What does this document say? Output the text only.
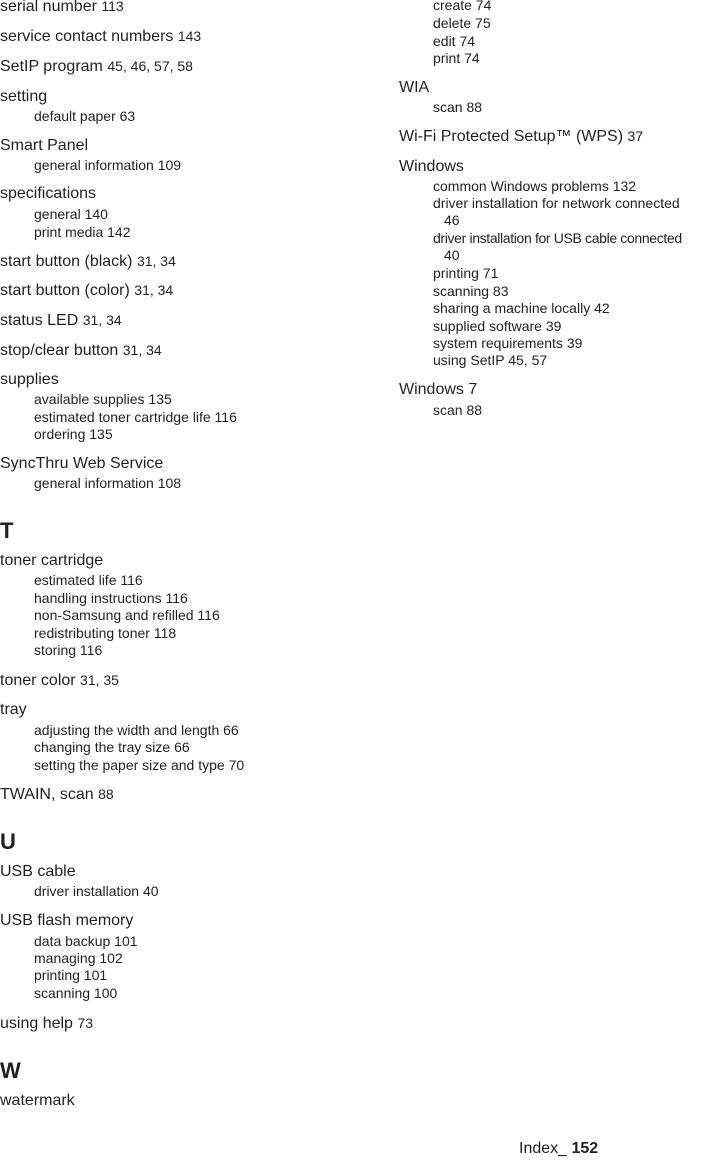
serial number 113
service contact numbers 143
SetIP program 45, 46, 57, 58
setting
default paper 63
Smart Panel
general information 109
specifications
general 140
print media 142
start button (black) 31, 34
start button (color) 31, 34
status LED 31, 34
stop/clear button 31, 34
supplies
available supplies 135
estimated toner cartridge life 116
ordering 135
SyncThru Web Service
general information 108
T
toner cartridge
estimated life 116
handling instructions 116
non-Samsung and refilled 116
redistributing toner 118
storing 116
toner color 31, 35
tray
adjusting the width and length 66
changing the tray size 66
setting the paper size and type 70
TWAIN, scan 88
U
USB cable
driver installation 40
USB flash memory
data backup 101
managing 102
printing 101
scanning 100
using help 73
W
watermark
create 74
delete 75
edit 74
print 74
WIA
scan 88
Wi-Fi Protected Setup™ (WPS) 37
Windows
common Windows problems 132
driver installation for network connected
46
driver installation for USB cable connected
40
printing 71
scanning 83
sharing a machine locally 42
supplied software 39
system requirements 39
using SetIP 45, 57
Windows 7
scan 88
Index_ 152
